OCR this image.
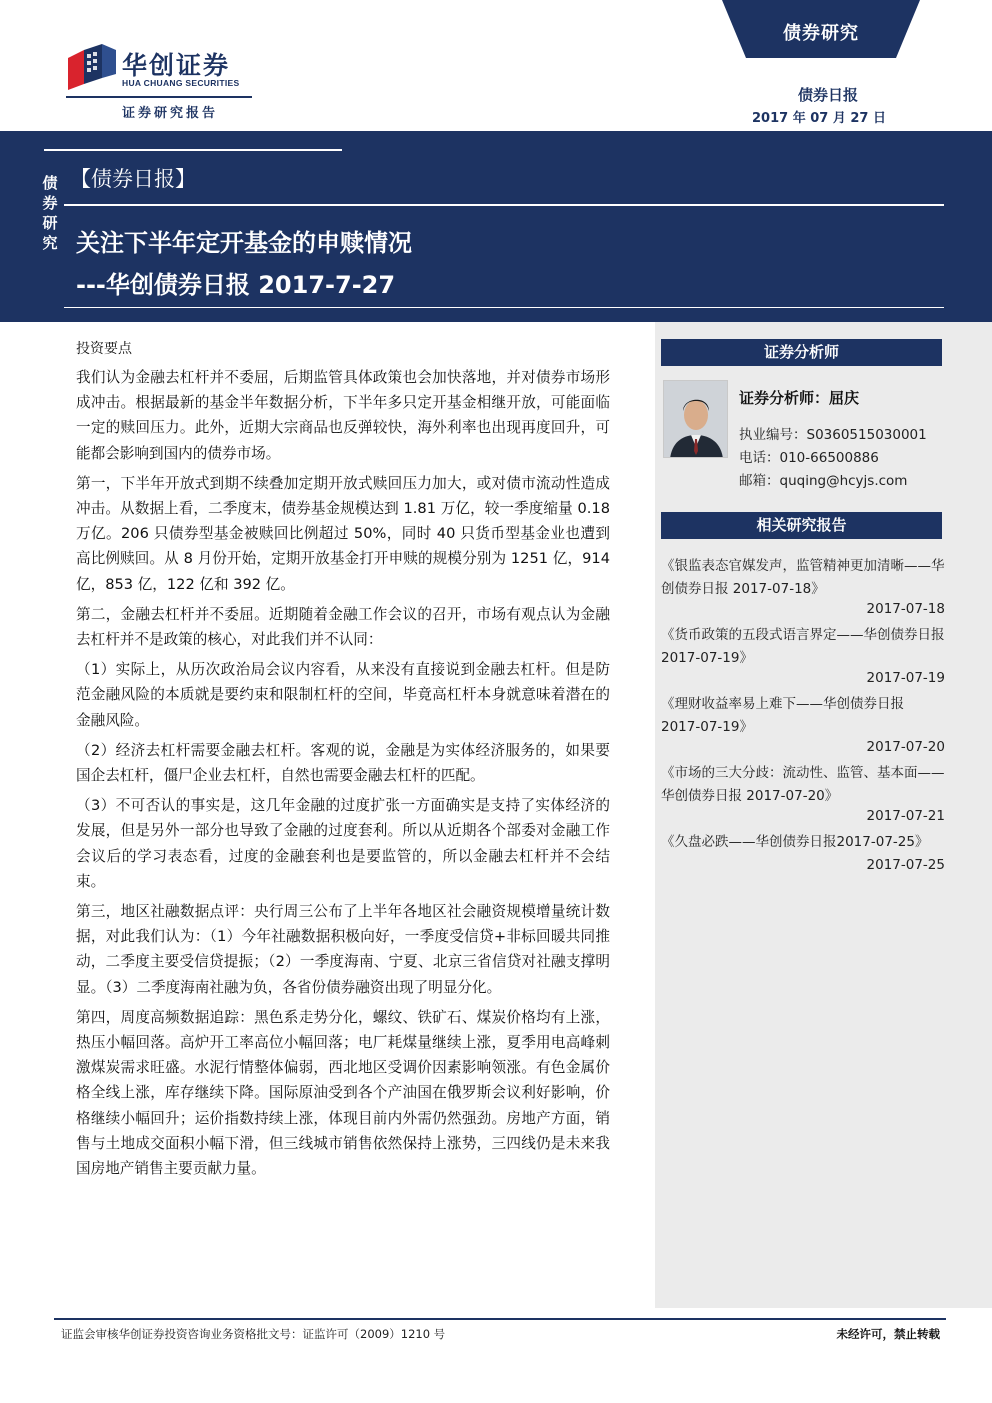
华创证券
HUA CHUANG SECURITIES
证券研究报告
债券研究
债券日报
2017 年 07 月 27 日
债
券
研
究
【债券日报】
关注下半年定开基金的申赎情况
---华创债券日报 2017-7-27
投资要点

我们认为金融去杠杆并不委屈，后期监管具体政策也会加快落地，并对债券市场形成冲击。根据最新的基金半年数据分析，下半年多只定开基金相继开放，可能面临一定的赎回压力。此外，近期大宗商品也反弹较快，海外利率也出现再度回升，可能都会影响到国内的债券市场。

第一，下半年开放式到期不续叠加定期开放式赎回压力加大，或对债市流动性造成冲击。从数据上看，二季度末，债券基金规模达到 1.81 万亿，较一季度缩量 0.18 万亿。206 只债券型基金被赎回比例超过 50%，同时 40 只货币型基金业也遭到高比例赎回。从 8 月份开始，定期开放基金打开申赎的规模分别为 1251 亿，914 亿，853 亿，122 亿和 392 亿。

第二，金融去杠杆并不委屈。近期随着金融工作会议的召开，市场有观点认为金融去杠杆并不是政策的核心，对此我们并不认同：

（1）实际上，从历次政治局会议内容看，从来没有直接说到金融去杠杆。但是防范金融风险的本质就是要约束和限制杠杆的空间，毕竟高杠杆本身就意味着潜在的金融风险。

（2）经济去杠杆需要金融去杠杆。客观的说，金融是为实体经济服务的，如果要国企去杠杆，僵尸企业去杠杆，自然也需要金融去杠杆的匹配。

（3）不可否认的事实是，这几年金融的过度扩张一方面确实是支持了实体经济的发展，但是另外一部分也导致了金融的过度套利。所以从近期各个部委对金融工作会议后的学习表态看，过度的金融套利也是要监管的，所以金融去杠杆并不会结束。

第三，地区社融数据点评：央行周三公布了上半年各地区社会融资规模增量统计数据，对此我们认为：（1）今年社融数据积极向好，一季度受信贷+非标回暖共同推动，二季度主要受信贷提振；（2）一季度海南、宁夏、北京三省信贷对社融支撑明显。（3）二季度海南社融为负，各省份债券融资出现了明显分化。

第四，周度高频数据追踪：黑色系走势分化，螺纹、铁矿石、煤炭价格均有上涨，热压小幅回落。高炉开工率高位小幅回落；电厂耗煤量继续上涨，夏季用电高峰刺激煤炭需求旺盛。水泥行情整体偏弱，西北地区受调价因素影响领涨。有色金属价格全线上涨，库存继续下降。国际原油受到各个产油国在俄罗斯会议利好影响，价格继续小幅回升；运价指数持续上涨，体现目前内外需仍然强劲。房地产方面，销售与土地成交面积小幅下滑，但三线城市销售依然保持上涨势，三四线仍是未来我国房地产销售主要贡献力量。

证券分析师
证券分析师：屈庆
执业编号：S0360515030001
电话：010-66500886
邮箱：quqing@hcyjs.com
相关研究报告
《银监表态官媒发声，监管精神更加清晰——华创债券日报 2017-07-18》
2017-07-18
《货币政策的五段式语言界定——华创债券日报 2017-07-19》
2017-07-19
《理财收益率易上难下——华创债券日报 2017-07-19》
2017-07-20
《市场的三大分歧：流动性、监管、基本面——华创债券日报 2017-07-20》
2017-07-21
《久盘必跌——华创债券日报2017-07-25》
2017-07-25
证监会审核华创证券投资咨询业务资格批文号：证监许可（2009）1210 号	未经许可，禁止转载
